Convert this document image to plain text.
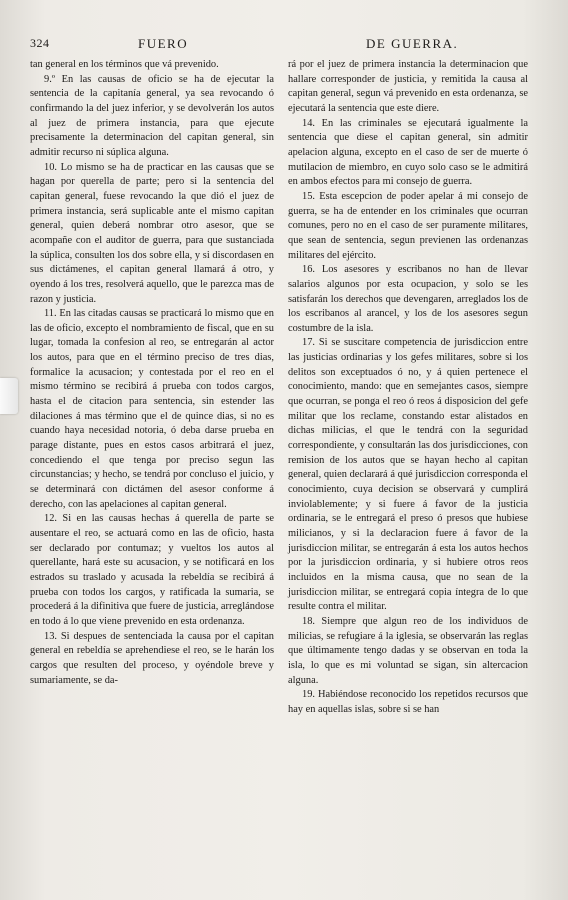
324	FUERO	DE GUERRA.

tan general en los términos que vá prevenido.

9.º En las causas de oficio se ha de ejecutar la sentencia de la capitanía general, ya sea revocando ó confirmando la del juez inferior, y se devolverán los autos al juez de primera instancia, para que ejecute precisamente la determinacion del capitan general, sin admitir recurso ni súplica alguna.

10. Lo mismo se ha de practicar en las causas que se hagan por querella de parte; pero si la sentencia del capitan general, fuese revocando la que dió el juez de primera instancia, será suplicable ante el mismo capitan general, quien deberá nombrar otro asesor, que se acompañe con el auditor de guerra, para que sustanciada la súplica, consulten los dos sobre ella, y si discordasen en sus dictámenes, el capitan general llamará á otro, y oyendo á los tres, resolverá aquello, que le parezca mas de razon y justicia.

11. En las citadas causas se practicará lo mismo que en las de oficio, excepto el nombramiento de fiscal, que en su lugar, tomada la confesion al reo, se entregarán al actor los autos, para que en el término preciso de tres dias, formalice la acusacion; y contestada por el reo en el mismo término se recibirá á prueba con todos cargos, hasta el de citacion para sentencia, sin estender las dilaciones á mas término que el de quince dias, si no es cuando haya necesidad notoria, ó deba darse prueba en parage distante, pues en estos casos arbitrará el juez, concediendo el que tenga por preciso segun las circunstancias; y hecho, se tendrá por concluso el juicio, y se determinará con dictámen del asesor conforme á derecho, con las apelaciones al capitan general.

12. Si en las causas hechas á querella de parte se ausentare el reo, se actuará como en las de oficio, hasta ser declarado por contumaz; y vueltos los autos al querellante, hará este su acusacion, y se notificará en los estrados su traslado y acusada la rebeldía se recibirá á prueba con todos los cargos, y ratificada la sumaria, se procederá á la difinitiva que fuere de justicia, arreglándose en todo á lo que viene prevenido en esta ordenanza.

13. Si despues de sentenciada la causa por el capitan general en rebeldía se aprehendiese el reo, se le harán los cargos que resulten del proceso, y oyéndole breve y sumariamente, se da-

rá por el juez de primera instancia la determinacion que hallare corresponder de justicia, y remitida la causa al capitan general, segun vá prevenido en esta ordenanza, se ejecutará la sentencia que este diere.

14. En las criminales se ejecutará igualmente la sentencia que diese el capitan general, sin admitir apelacion alguna, excepto en el caso de ser de muerte ó mutilacion de miembro, en cuyo solo caso se le admitirá en ambos efectos para mi consejo de guerra.

15. Esta escepcion de poder apelar á mi consejo de guerra, se ha de entender en los criminales que ocurran comunes, pero no en el caso de ser puramente militares, que sean de sentencia, segun previenen las ordenanzas militares del ejército.

16. Los asesores y escribanos no han de llevar salarios algunos por esta ocupacion, y solo se les satisfarán los derechos que devengaren, arreglados los de los escribanos al arancel, y los de los asesores segun costumbre de la isla.

17. Si se suscitare competencia de jurisdiccion entre las justicias ordinarias y los gefes militares, sobre si los delitos son exceptuados ó no, y á quien pertenece el conocimiento, mando: que en semejantes casos, siempre que ocurran, se ponga el reo ó reos á disposicion del gefe militar que los reclame, constando estar alistados en dichas milicias, el que le tendrá con la seguridad correspondiente, y consultarán las dos jurisdicciones, con remision de los autos que se hayan hecho al capitan general, quien declarará á qué jurisdiccion corresponda el conocimiento, cuya decision se observará y cumplirá inviolablemente; y si fuere á favor de la justicia ordinaria, se le entregará el preso ó presos que hubiese milicianos, y si la declaracion fuere á favor de la jurisdiccion militar, se entregarán á esta los autos hechos por la jurisdiccion ordinaria, y si hubiere otros reos incluidos en la misma causa, que no sean de la jurisdiccion militar, se entregará copia íntegra de lo que resulte contra el militar.

18. Siempre que algun reo de los individuos de milicias, se refugiare á la iglesia, se observarán las reglas que últimamente tengo dadas y se observan en toda la isla, lo que es mi voluntad se sigan, sin altercacion alguna.

19. Habiéndose reconocido los repetidos recursos que hay en aquellas islas, sobre si se han
